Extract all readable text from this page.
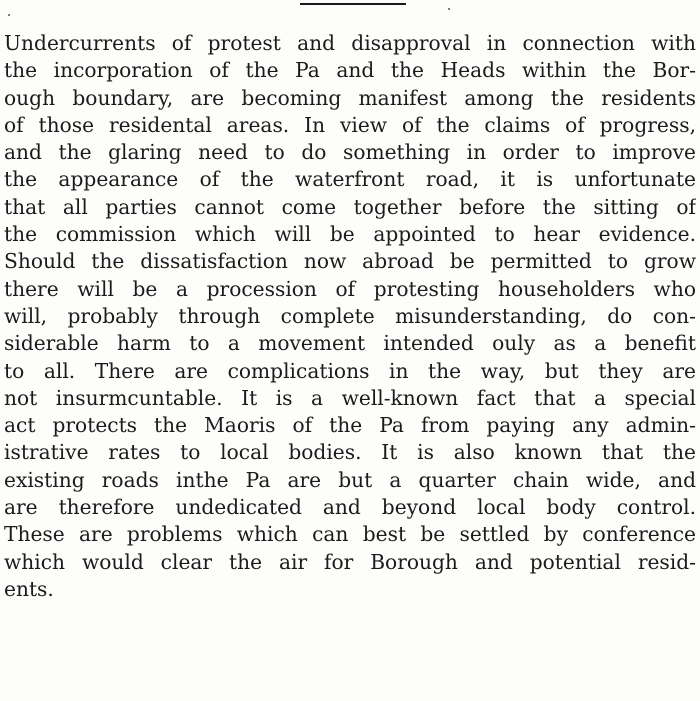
Undercurrents of protest and disapproval in connection with
the incorporation of the Pa and the Heads within the Bor-
ough boundary, are becoming manifest among the residents
of those residental areas. In view of the claims of progress,
and the glaring need to do something in order to improve
the appearance of the waterfront road, it is unfortunate
that all parties cannot come together before the sitting of
the commission which will be appointed to hear evidence.
Should the dissatisfaction now abroad be permitted to grow
there will be a procession of protesting householders who
will, probably through complete misunderstanding, do con-
siderable harm to a movement intended ouly as a benefit
to all. There are complications in the way, but they are
not insurmcuntable. It is a well-known fact that a special
act protects the Maoris of the Pa from paying any admin-
istrative rates to local bodies. It is also known that the
existing roads inthe Pa are but a quarter chain wide, and
are therefore undedicated and beyond local body control.
These are problems which can best be settled by conference
which would clear the air for Borough and potential resid-
ents.
